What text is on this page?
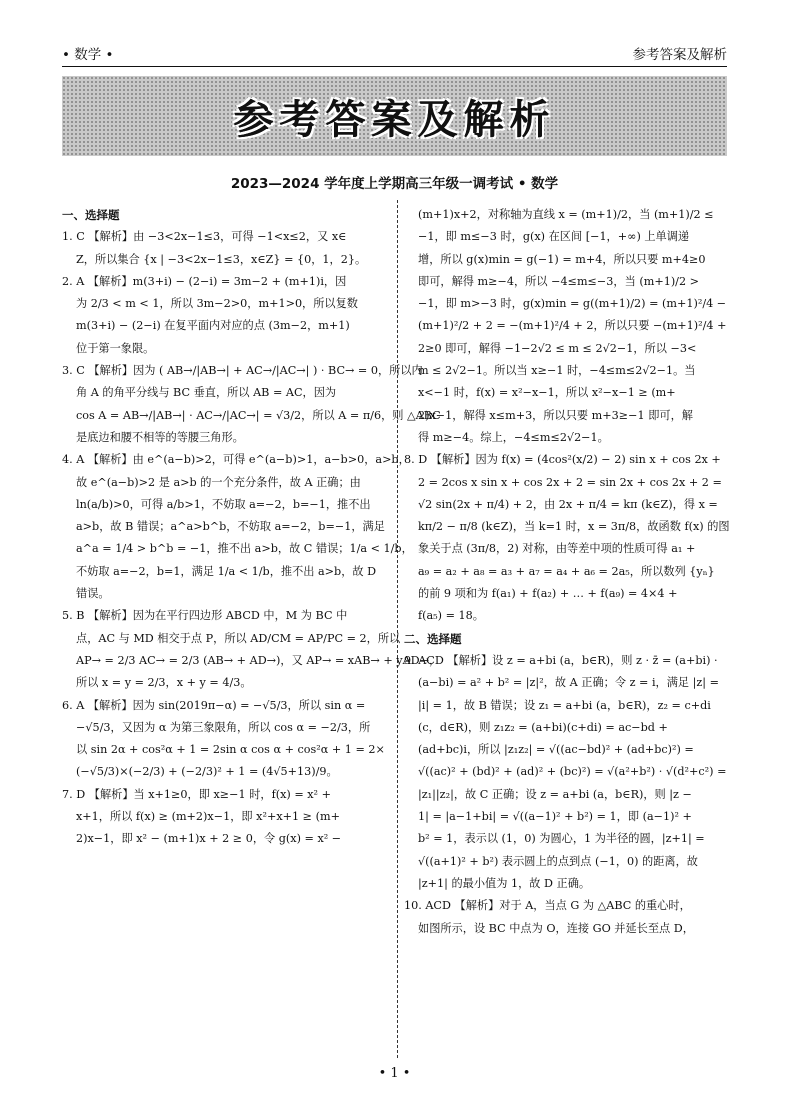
• 数学 •	参考答案及解析
参考答案及解析
2023—2024 学年度上学期高三年级一调考试 • 数学
一、选择题
1. C 【解析】由 −3<2x−1≤3，可得 −1<x≤2，又 x∈
Z，所以集合 {x | −3<2x−1≤3，x∈Z} = {0，1，2}。
2. A 【解析】m(3+i) − (2−i) = 3m−2 + (m+1)i，因
为 2/3 < m < 1，所以 3m−2>0，m+1>0，所以复数
m(3+i) − (2−i) 在复平面内对应的点 (3m−2，m+1)
位于第一象限。
3. C 【解析】因为 ( AB→/|AB→| + AC→/|AC→| ) · BC→ = 0，所以内
角 A 的角平分线与 BC 垂直，所以 AB = AC，因为
cos A = AB→/|AB→| · AC→/|AC→| = √3/2，所以 A = π/6，则 △ABC
是底边和腰不相等的等腰三角形。
4. A 【解析】由 e^(a−b)>2，可得 e^(a−b)>1，a−b>0，a>b，
故 e^(a−b)>2 是 a>b 的一个充分条件，故 A 正确；由
ln(a/b)>0，可得 a/b>1，不妨取 a=−2，b=−1，推不出
a>b，故 B 错误；a^a>b^b，不妨取 a=−2，b=−1，满足
a^a = 1/4 > b^b = −1，推不出 a>b，故 C 错误；1/a < 1/b，
不妨取 a=−2，b=1，满足 1/a < 1/b，推不出 a>b，故 D
错误。
5. B 【解析】因为在平行四边形 ABCD 中，M 为 BC 中
点，AC 与 MD 相交于点 P，所以 AD/CM = AP/PC = 2，所以
AP→ = 2/3 AC→ = 2/3 (AB→ + AD→)，又 AP→ = xAB→ + yAD→，
所以 x = y = 2/3，x + y = 4/3。
6. A 【解析】因为 sin(2019π−α) = −√5/3，所以 sin α =
−√5/3，又因为 α 为第三象限角，所以 cos α = −2/3，所
以 sin 2α + cos²α + 1 = 2sin α cos α + cos²α + 1 = 2×
(−√5/3)×(−2/3) + (−2/3)² + 1 = (4√5+13)/9。
7. D 【解析】当 x+1≥0，即 x≥−1 时，f(x) = x² +
x+1，所以 f(x) ≥ (m+2)x−1，即 x²+x+1 ≥ (m+
2)x−1，即 x² − (m+1)x + 2 ≥ 0，令 g(x) = x² −
(m+1)x+2，对称轴为直线 x = (m+1)/2，当 (m+1)/2 ≤
−1，即 m≤−3 时，g(x) 在区间 [−1，+∞) 上单调递
增，所以 g(x)min = g(−1) = m+4，所以只要 m+4≥0
即可，解得 m≥−4，所以 −4≤m≤−3，当 (m+1)/2 >
−1，即 m>−3 时，g(x)min = g((m+1)/2) = (m+1)²/4 −
(m+1)²/2 + 2 = −(m+1)²/4 + 2，所以只要 −(m+1)²/4 +
2≥0 即可，解得 −1−2√2 ≤ m ≤ 2√2−1，所以 −3<
m ≤ 2√2−1。所以当 x≥−1 时，−4≤m≤2√2−1。当
x<−1 时，f(x) = x²−x−1，所以 x²−x−1 ≥ (m+
2)x−1，解得 x≤m+3，所以只要 m+3≥−1 即可，解
得 m≥−4。综上，−4≤m≤2√2−1。
8. D 【解析】因为 f(x) = (4cos²(x/2) − 2) sin x + cos 2x +
2 = 2cos x sin x + cos 2x + 2 = sin 2x + cos 2x + 2 =
√2 sin(2x + π/4) + 2，由 2x + π/4 = kπ (k∈Z)，得 x =
kπ/2 − π/8 (k∈Z)，当 k=1 时，x = 3π/8，故函数 f(x) 的图
象关于点 (3π/8，2) 对称，由等差中项的性质可得 a₁ +
a₉ = a₂ + a₈ = a₃ + a₇ = a₄ + a₆ = 2a₅，所以数列 {yₙ}
的前 9 项和为 f(a₁) + f(a₂) + … + f(a₉) = 4×4 +
f(a₅) = 18。
二、选择题
9. ACD 【解析】设 z = a+bi (a，b∈R)，则 z · z̄ = (a+bi) ·
(a−bi) = a² + b² = |z|²，故 A 正确；令 z = i，满足 |z| =
|i| = 1，故 B 错误；设 z₁ = a+bi (a，b∈R)，z₂ = c+di
(c，d∈R)，则 z₁z₂ = (a+bi)(c+di) = ac−bd +
(ad+bc)i，所以 |z₁z₂| = √((ac−bd)² + (ad+bc)²) =
√((ac)² + (bd)² + (ad)² + (bc)²) = √(a²+b²) · √(d²+c²) =
|z₁||z₂|，故 C 正确；设 z = a+bi (a，b∈R)，则 |z −
1| = |a−1+bi| = √((a−1)² + b²) = 1，即 (a−1)² +
b² = 1，表示以 (1，0) 为圆心，1 为半径的圆，|z+1| =
√((a+1)² + b²) 表示圆上的点到点 (−1，0) 的距离，故
|z+1| 的最小值为 1，故 D 正确。
10. ACD 【解析】对于 A，当点 G 为 △ABC 的重心时，
如图所示，设 BC 中点为 O，连接 GO 并延长至点 D，
• 1 •
